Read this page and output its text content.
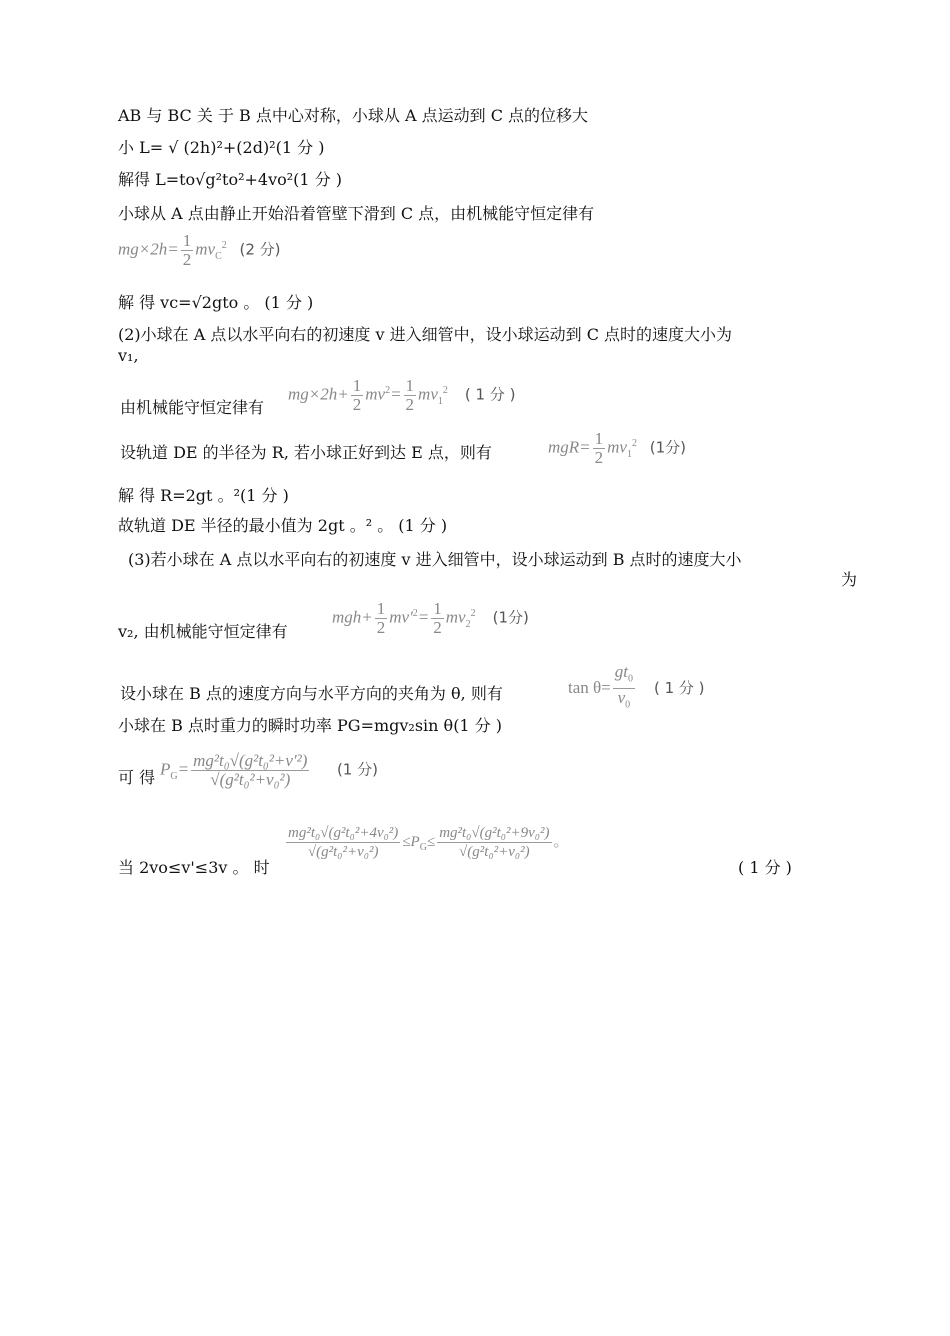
AB 与 BC 关 于 B 点中心对称，小球从 A 点运动到 C 点的位移大
小 L= √ (2h)²+(2d)²(1 分 )
解得 L=to√g²to²+4vo²(1 分 )
小球从 A 点由静止开始沿着管壁下滑到 C 点，由机械能守恒定律有
$mg\times 2h= \frac{1}{2} mv_C^2$ (2 分)
解 得 vc=√2gto 。 (1 分 )
(2)小球在 A 点以水平向右的初速度 v 进入细管中，设小球运动到 C 点时的速度大小为
v₁,
由机械能守恒定律有
$mg\times 2h+ \frac{1}{2} mv^2= \frac{1}{2} mv_1^2$ ( 1 分 )
设轨道 DE 的半径为 R, 若小球正好到达 E 点，则有	$mgR= \frac{1}{2} mv_1^2$ (1分)
解 得 R=2gt 。²(1 分 )
故轨道 DE 半径的最小值为 2gt 。² 。 (1 分 )
(3)若小球在 A 点以水平向右的初速度 v 进入细管中，设小球运动到 B 点时的速度大小
为
v₂, 由机械能守恒定律有
$mgh+ \frac{1}{2} mv'^2= \frac{1}{2} mv_2^2$ (1分)
设小球在 B 点的速度方向与水平方向的夹角为 θ, 则有	$\tan \theta= \frac{gt_0}{v_0}$ ( 1 分 )
小球在 B 点时重力的瞬时功率 PG=mgv₂sin θ(1 分 )
可 得 $P_G= \frac{\text{mg²t₀√(g²t₀²+v′²)}}{\text{√(g²t₀²+v₀²)}} (1$ 分)
当 2vo≤v'≤3v 。 时
$\frac{\text{mg²t₀√(g²t₀²+4v₀²)}}{\text{√(g²t₀²+v₀²)}} \le P_G\le \frac{\text{mg²t₀√(g²t₀²+9v₀²)}}{\text{√(g²t₀²+v₀²)}}$ 。
( 1 分 )
